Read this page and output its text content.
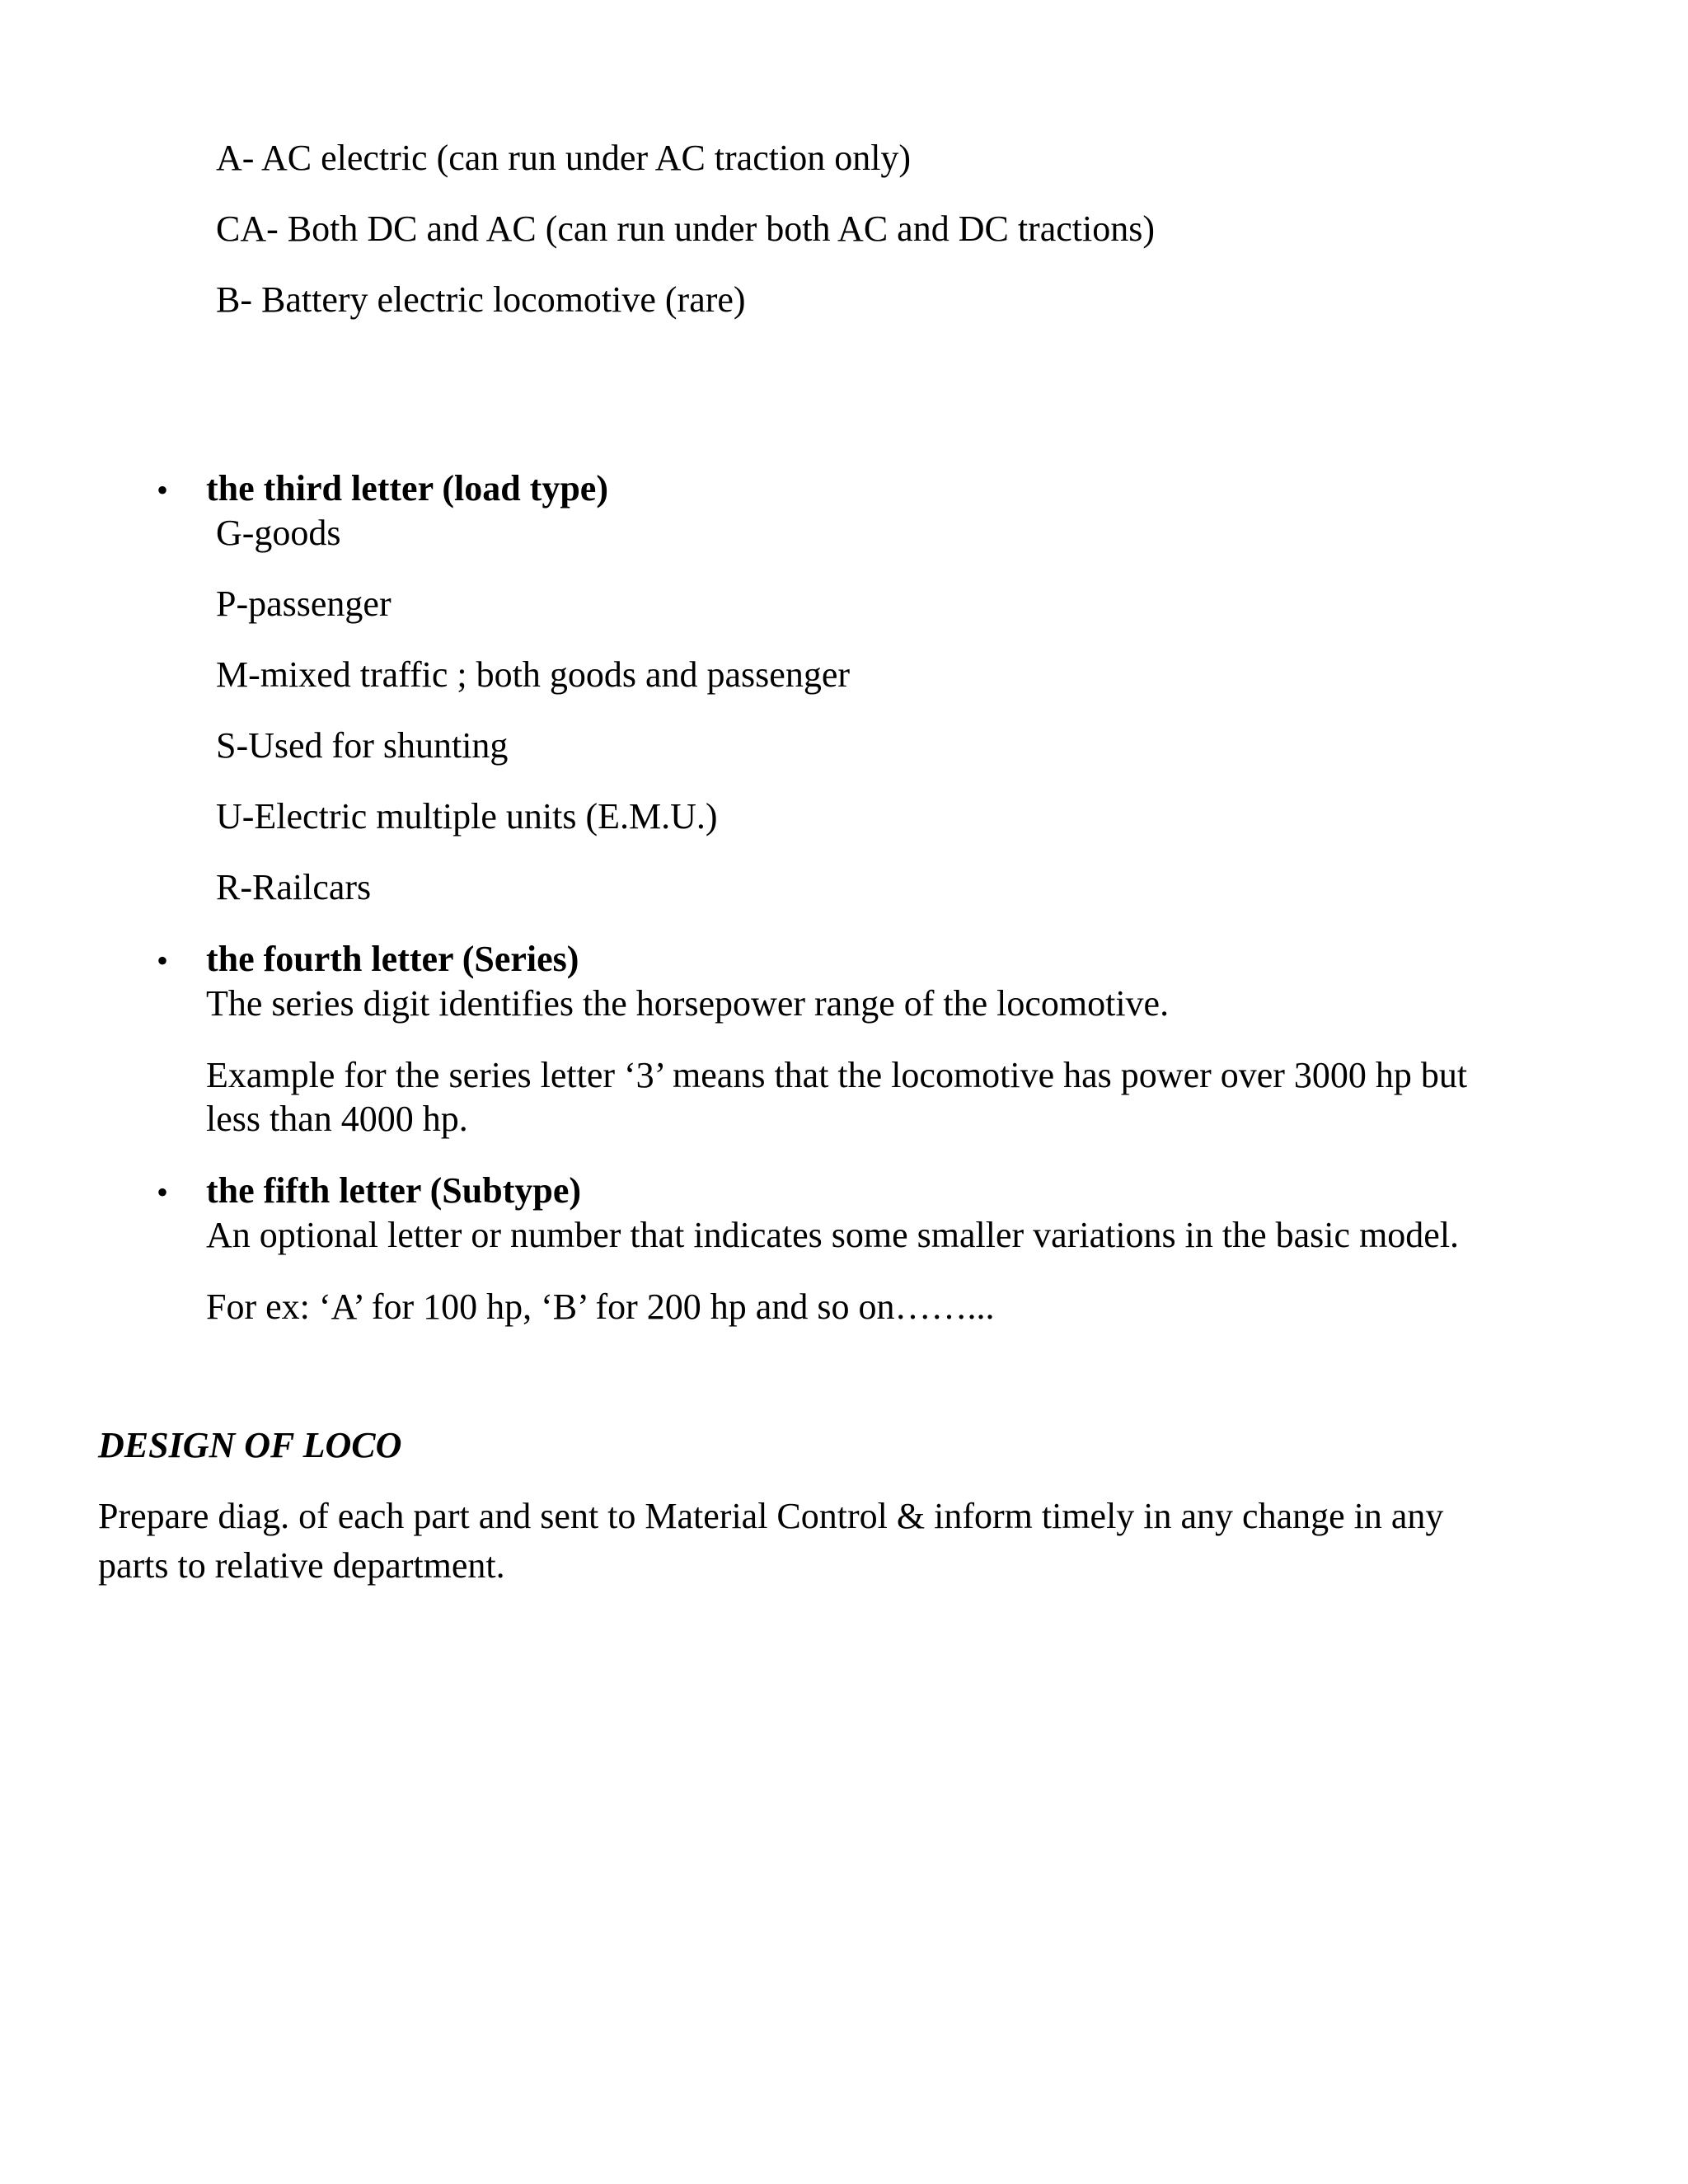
A- AC electric (can run under AC traction only)
CA- Both DC and AC (can run under both AC and DC tractions)
B- Battery electric locomotive (rare)
• the third letter (load type)
G-goods
P-passenger
M-mixed traffic ; both goods and passenger
S-Used for shunting
U-Electric multiple units (E.M.U.)
R-Railcars
• the fourth letter (Series)
The series digit identifies the horsepower range of the locomotive.
Example for the series letter ‘3’ means that the locomotive has power over 3000 hp but
less than 4000 hp.
• the fifth letter (Subtype)
An optional letter or number that indicates some smaller variations in the basic model.
For ex: ‘A’ for 100 hp, ‘B’ for 200 hp and so on……...
DESIGN OF LOCO
Prepare diag. of each part and sent to Material Control & inform timely in any change in any
parts to relative department.
